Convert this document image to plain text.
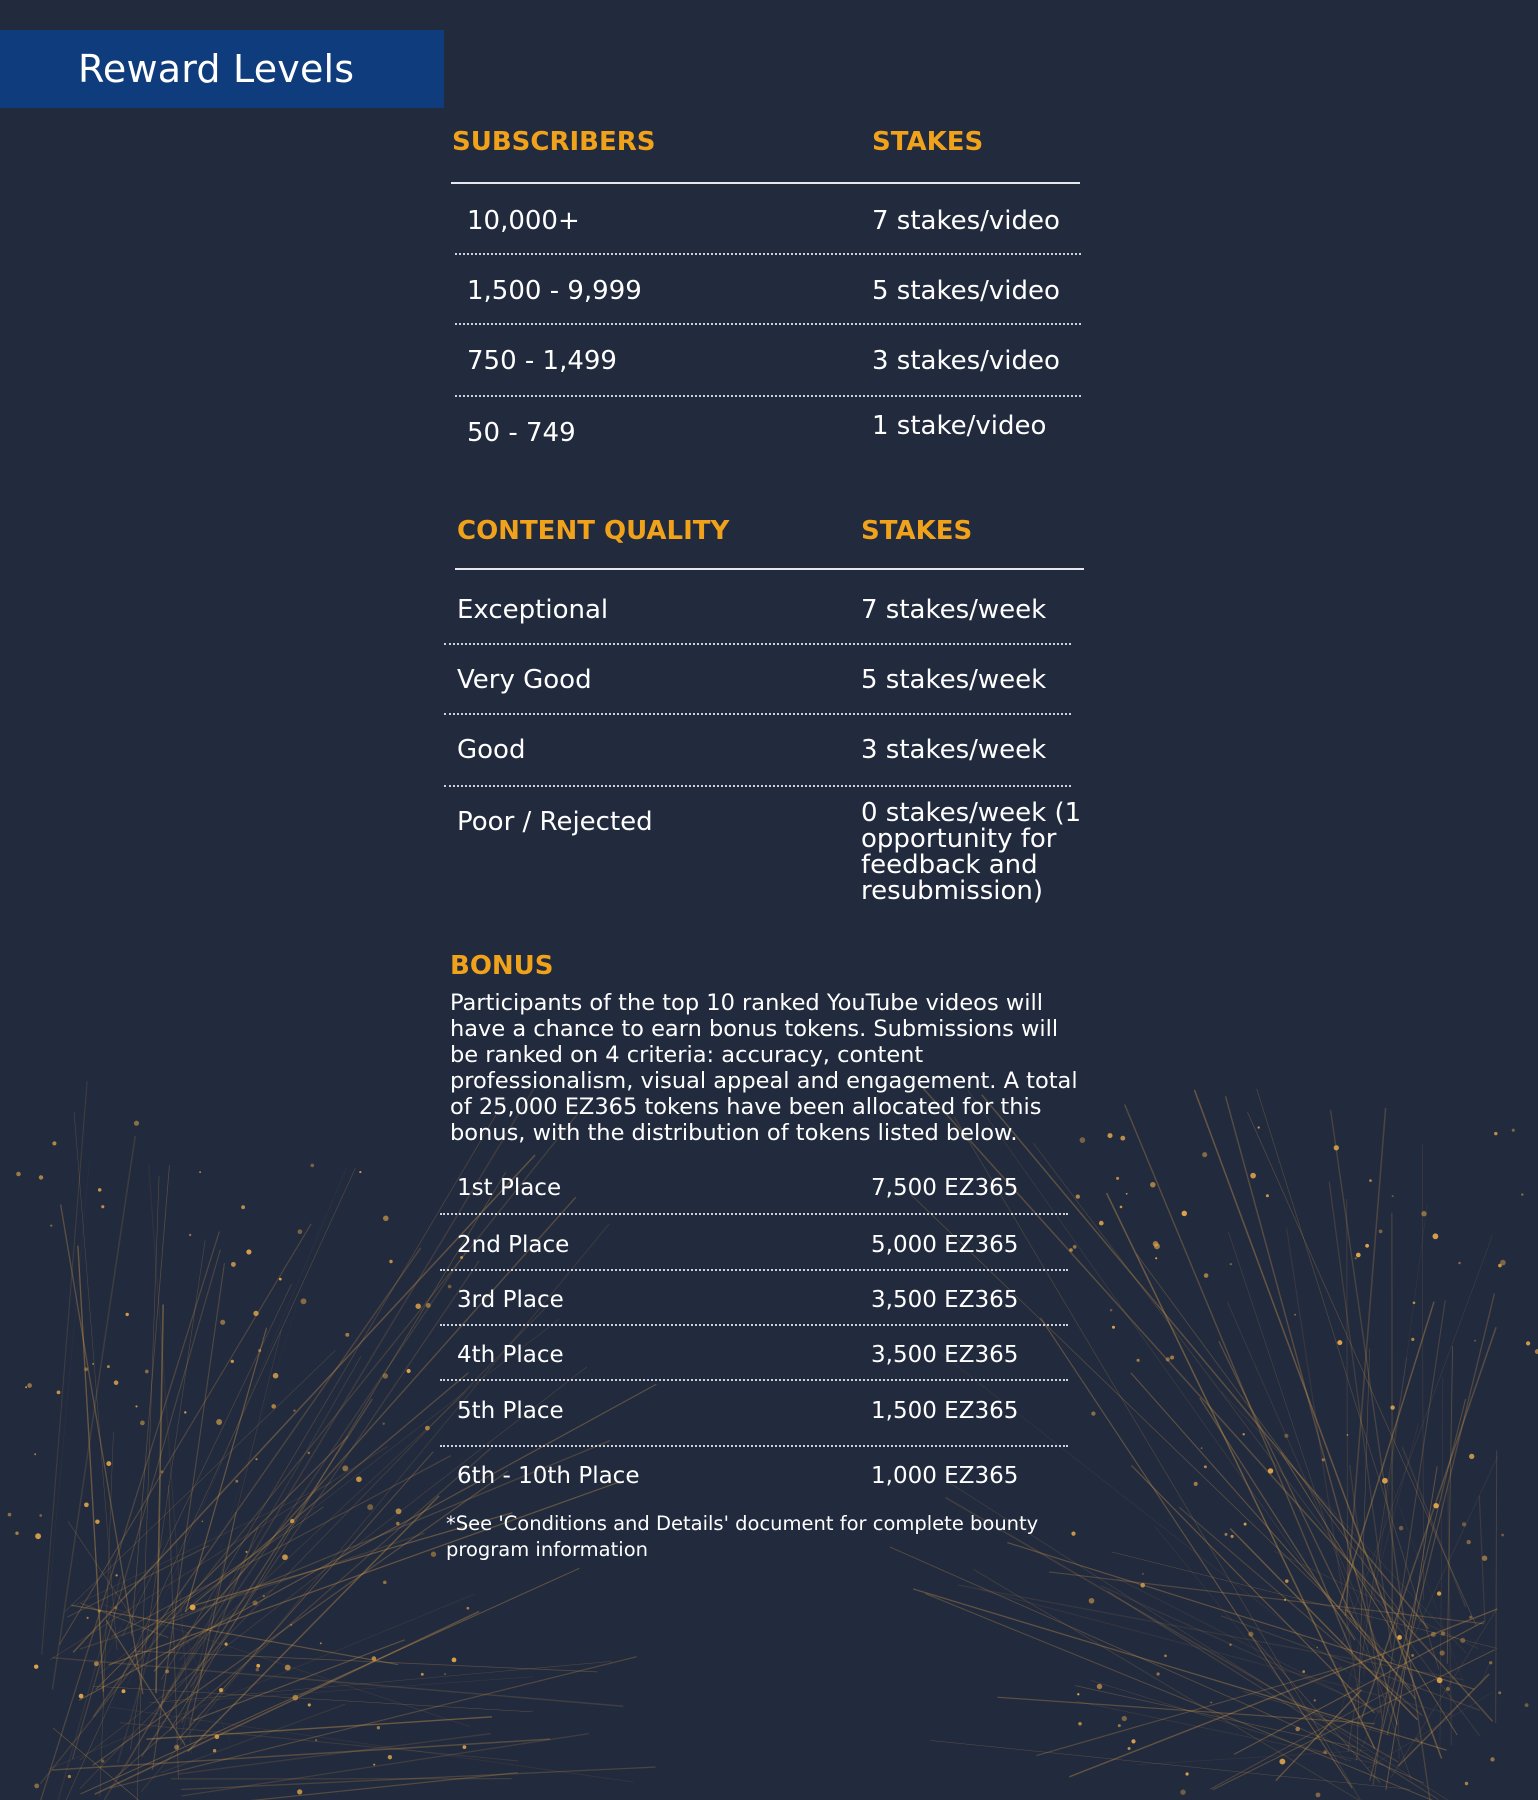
Reward Levels
SUBSCRIBERS	STAKES
10,000+	7 stakes/video
1,500 - 9,999	5 stakes/video
750 - 1,499	3 stakes/video
50 - 749	1 stake/video
CONTENT QUALITY	STAKES
Exceptional	7 stakes/week
Very Good	5 stakes/week
Good	3 stakes/week
Poor / Rejected	0 stakes/week (1 opportunity for feedback and resubmission)
BONUS
Participants of the top 10 ranked YouTube videos will have a chance to earn bonus tokens. Submissions will be ranked on 4 criteria: accuracy, content professionalism, visual appeal and engagement. A total of 25,000 EZ365 tokens have been allocated for this bonus, with the distribution of tokens listed below.
1st Place	7,500 EZ365
2nd Place	5,000 EZ365
3rd Place	3,500 EZ365
4th Place	3,500 EZ365
5th Place	1,500 EZ365
6th - 10th Place	1,000 EZ365
*See 'Conditions and Details' document for complete bounty program information
